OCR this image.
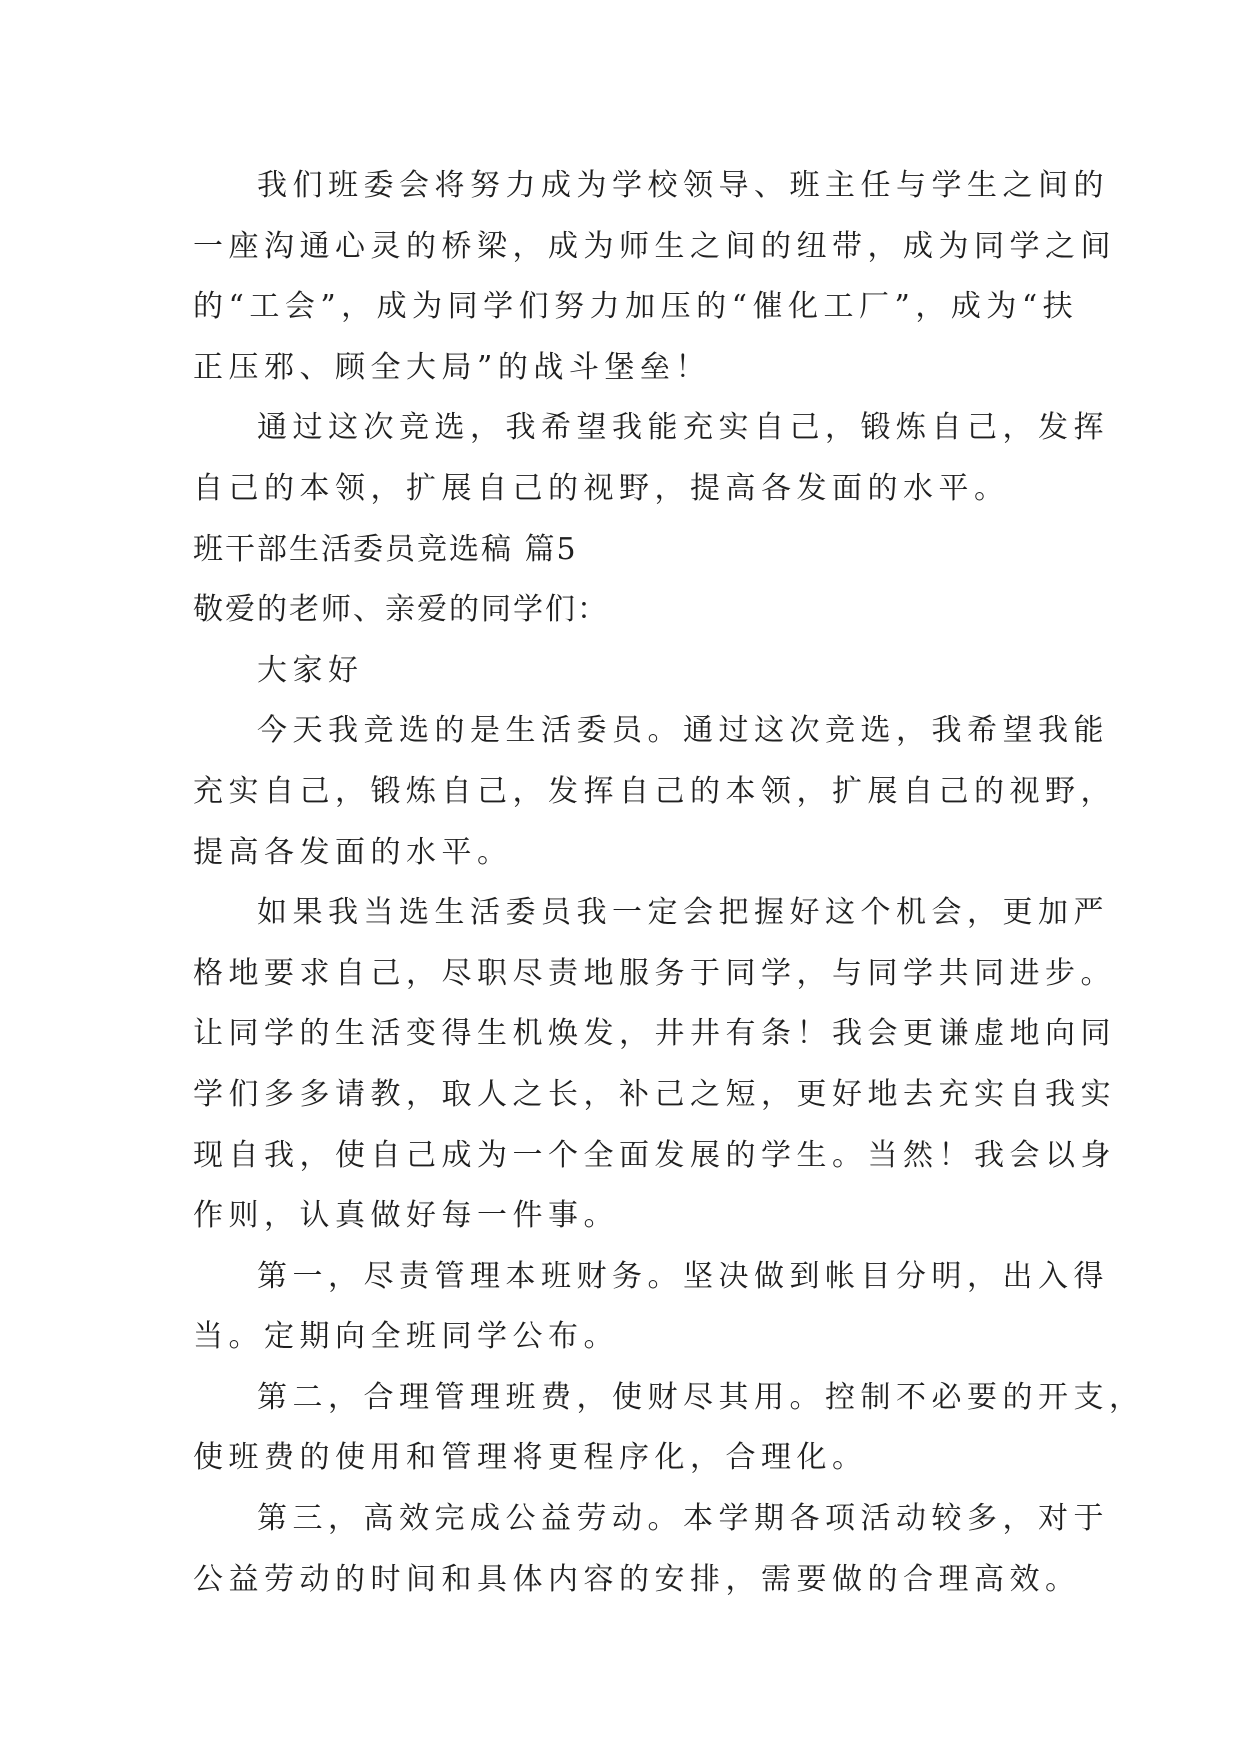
我们班委会将努力成为学校领导、班主任与学生之间的
一座沟通心灵的桥梁，成为师生之间的纽带，成为同学之间
的“工会”，成为同学们努力加压的“催化工厂”，成为“扶
正压邪、顾全大局”的战斗堡垒！
通过这次竞选，我希望我能充实自己，锻炼自己，发挥
自己的本领，扩展自己的视野，提高各发面的水平。
班干部生活委员竞选稿 篇5
敬爱的老师、亲爱的同学们：
大家好
今天我竞选的是生活委员。通过这次竞选，我希望我能
充实自己，锻炼自己，发挥自己的本领，扩展自己的视野，
提高各发面的水平。
如果我当选生活委员我一定会把握好这个机会，更加严
格地要求自己，尽职尽责地服务于同学，与同学共同进步。
让同学的生活变得生机焕发，井井有条！我会更谦虚地向同
学们多多请教，取人之长，补己之短，更好地去充实自我实
现自我，使自己成为一个全面发展的学生。当然！我会以身
作则，认真做好每一件事。
第一，尽责管理本班财务。坚决做到帐目分明，出入得
当。定期向全班同学公布。
第二，合理管理班费，使财尽其用。控制不必要的开支，
使班费的使用和管理将更程序化，合理化。
第三，高效完成公益劳动。本学期各项活动较多，对于
公益劳动的时间和具体内容的安排，需要做的合理高效。
